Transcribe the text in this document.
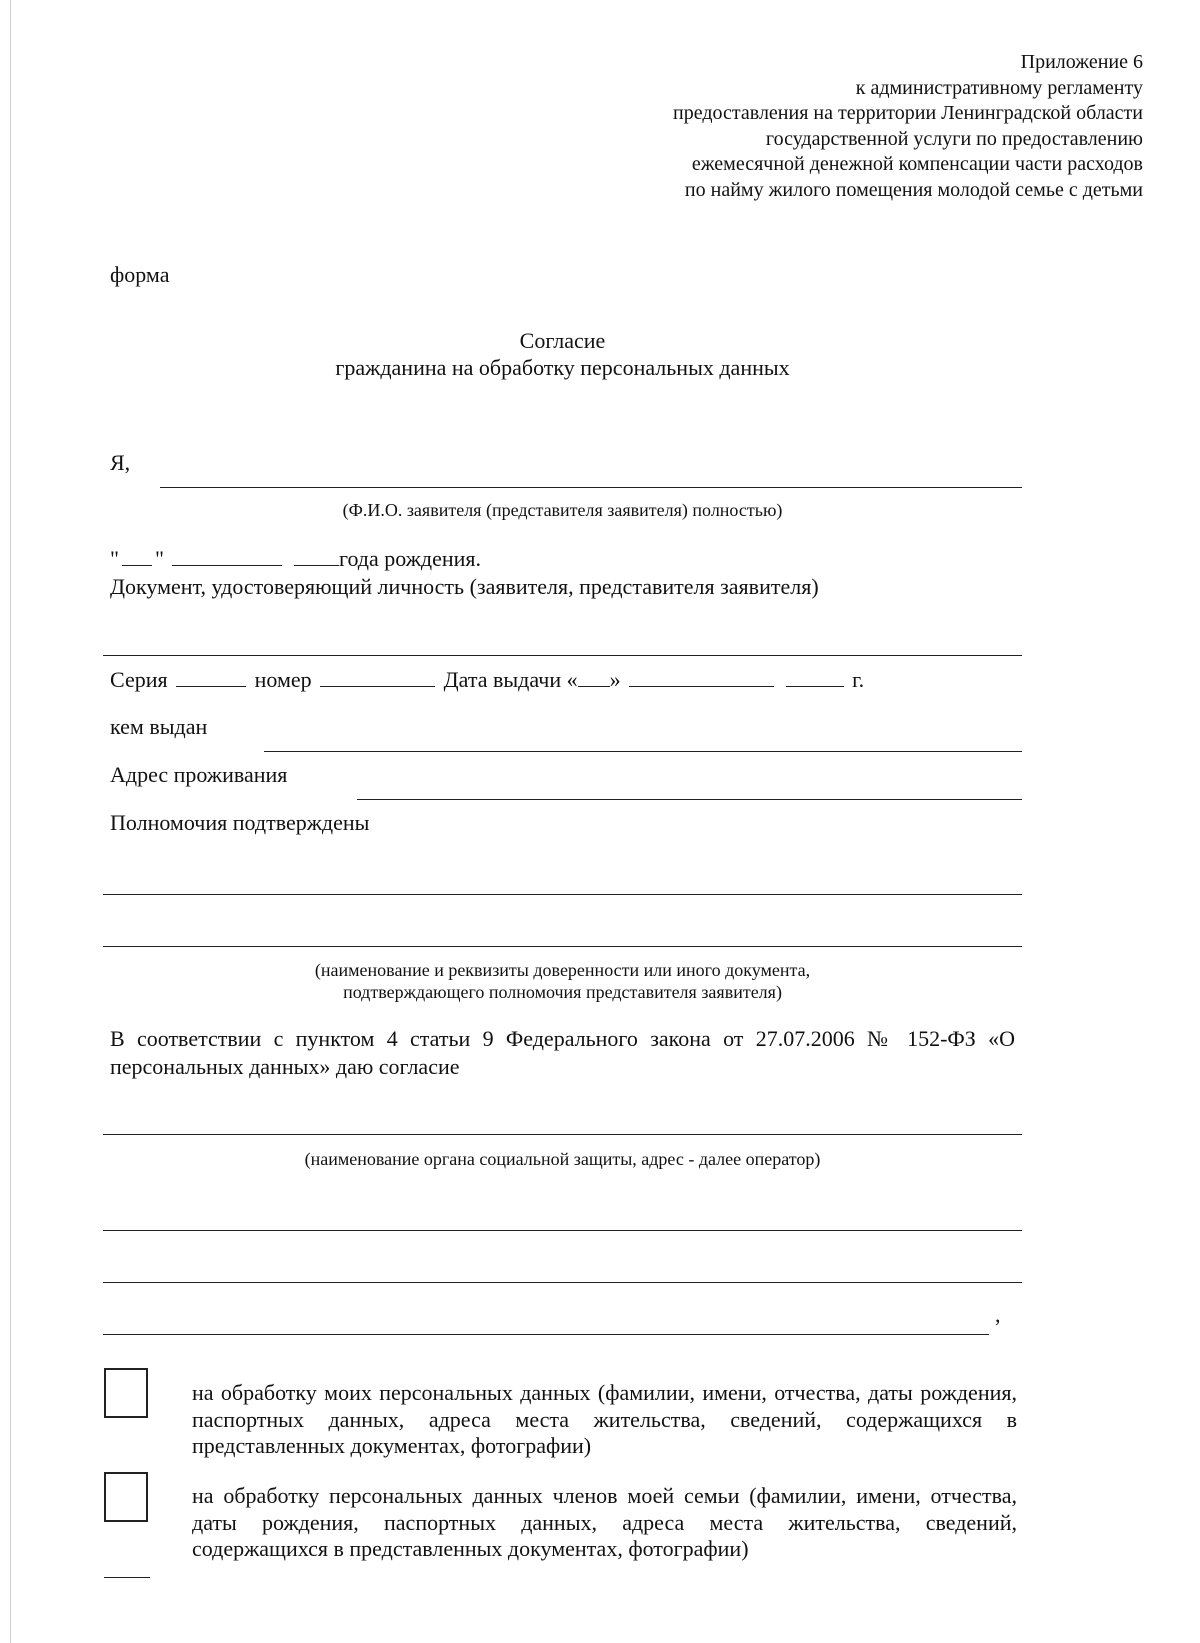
Приложение 6
к административному регламенту
предоставления на территории Ленинградской области
государственной услуги по предоставлению
ежемесячной денежной компенсации части расходов
по найму жилого помещения молодой семье с детьми
форма
Согласие
гражданина на обработку персональных данных
Я,
(Ф.И.О. заявителя (представителя заявителя) полностью)
" "	года рождения.
Документ, удостоверяющий личность (заявителя, представителя заявителя)
Серия	номер	Дата выдачи « »	г.
кем выдан
Адрес проживания
Полномочия подтверждены
(наименование и реквизиты доверенности или иного документа,
подтверждающего полномочия представителя заявителя)
В соответствии с пунктом 4 статьи 9 Федерального закона от 27.07.2006 № 152-ФЗ «О персональных данных» даю согласие
(наименование органа социальной защиты, адрес - далее оператор)
,
на обработку моих персональных данных (фамилии, имени, отчества, даты рождения, паспортных данных, адреса места жительства, сведений, содержащихся в представленных документах, фотографии)
на обработку персональных данных членов моей семьи (фамилии, имени, отчества, даты рождения, паспортных данных, адреса места жительства, сведений, содержащихся в представленных документах, фотографии)
